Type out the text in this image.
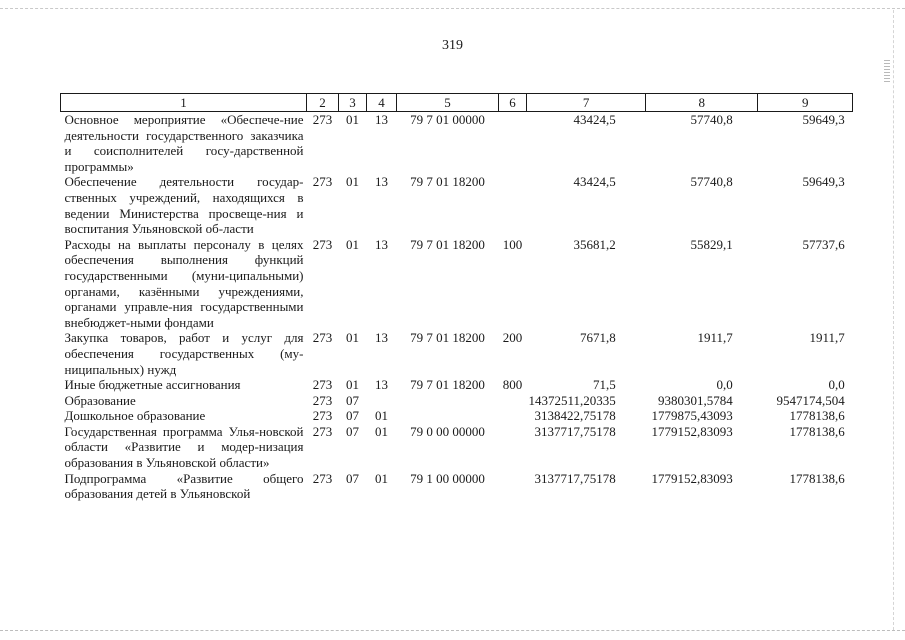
319
1	2	3	4	5	6	7	8	9
Основное мероприятие «Обеспече-ние деятельности государственного заказчика и соисполнителей госу-дарственной программы»	273	01	13	79 7 01 00000		43424,5	57740,8	59649,3
Обеспечение деятельности государ-ственных учреждений, находящихся в ведении Министерства просвеще-ния и воспитания Ульяновской об-ласти	273	01	13	79 7 01 18200		43424,5	57740,8	59649,3
Расходы на выплаты персоналу в целях обеспечения выполнения функций государственными (муни-ципальными) органами, казёнными учреждениями, органами управле-ния государственными внебюджет-ными фондами	273	01	13	79 7 01 18200	100	35681,2	55829,1	57737,6
Закупка товаров, работ и услуг для обеспечения государственных (му-ниципальных) нужд	273	01	13	79 7 01 18200	200	7671,8	1911,7	1911,7
Иные бюджетные ассигнования	273	01	13	79 7 01 18200	800	71,5	0,0	0,0
Образование	273	07				14372511,20335	9380301,5784	9547174,504
Дошкольное образование	273	07	01			3138422,75178	1779875,43093	1778138,6
Государственная программа Улья-новской области «Развитие и модер-низация образования в Ульяновской области»	273	07	01	79 0 00 00000		3137717,75178	1779152,83093	1778138,6
Подпрограмма «Развитие общего образования детей в Ульяновской	273	07	01	79 1 00 00000		3137717,75178	1779152,83093	1778138,6
